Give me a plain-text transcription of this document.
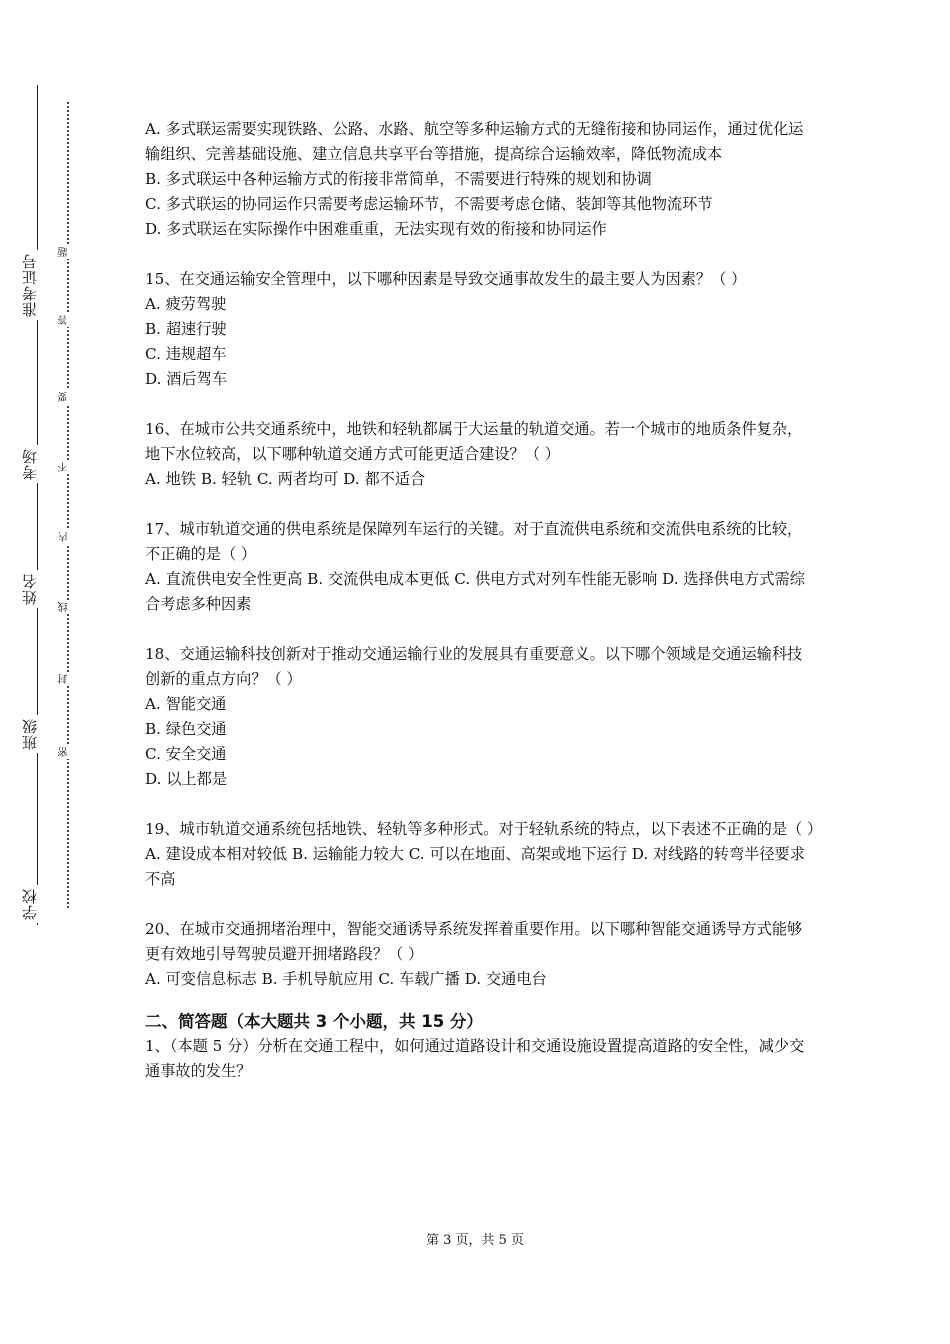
准考证号
考场
姓名
班级
学校
题
答
要
不
内
线
封
密

A. 多式联运需要实现铁路、公路、水路、航空等多种运输方式的无缝衔接和协同运作，通过优化运输组织、完善基础设施、建立信息共享平台等措施，提高综合运输效率，降低物流成本

B. 多式联运中各种运输方式的衔接非常简单，不需要进行特殊的规划和协调

C. 多式联运的协同运作只需要考虑运输环节，不需要考虑仓储、装卸等其他物流环节

D. 多式联运在实际操作中困难重重，无法实现有效的衔接和协同运作

15、在交通运输安全管理中，以下哪种因素是导致交通事故发生的最主要人为因素？（ ）

A. 疲劳驾驶

B. 超速行驶

C. 违规超车

D. 酒后驾车

16、在城市公共交通系统中，地铁和轻轨都属于大运量的轨道交通。若一个城市的地质条件复杂，地下水位较高，以下哪种轨道交通方式可能更适合建设？（ ）

A. 地铁 B. 轻轨 C. 两者均可 D. 都不适合

17、城市轨道交通的供电系统是保障列车运行的关键。对于直流供电系统和交流供电系统的比较，不正确的是（ ）

A. 直流供电安全性更高 B. 交流供电成本更低 C. 供电方式对列车性能无影响 D. 选择供电方式需综合考虑多种因素

18、交通运输科技创新对于推动交通运输行业的发展具有重要意义。以下哪个领域是交通运输科技创新的重点方向？（ ）

A. 智能交通

B. 绿色交通

C. 安全交通

D. 以上都是

19、城市轨道交通系统包括地铁、轻轨等多种形式。对于轻轨系统的特点，以下表述不正确的是（ ）

A. 建设成本相对较低 B. 运输能力较大 C. 可以在地面、高架或地下运行 D. 对线路的转弯半径要求不高

20、在城市交通拥堵治理中，智能交通诱导系统发挥着重要作用。以下哪种智能交通诱导方式能够更有效地引导驾驶员避开拥堵路段？（ ）

A. 可变信息标志 B. 手机导航应用 C. 车载广播 D. 交通电台

二、简答题（本大题共 3 个小题，共 15 分）

1、（本题 5 分）分析在交通工程中，如何通过道路设计和交通设施设置提高道路的安全性，减少交通事故的发生？

第 3 页，共 5 页
